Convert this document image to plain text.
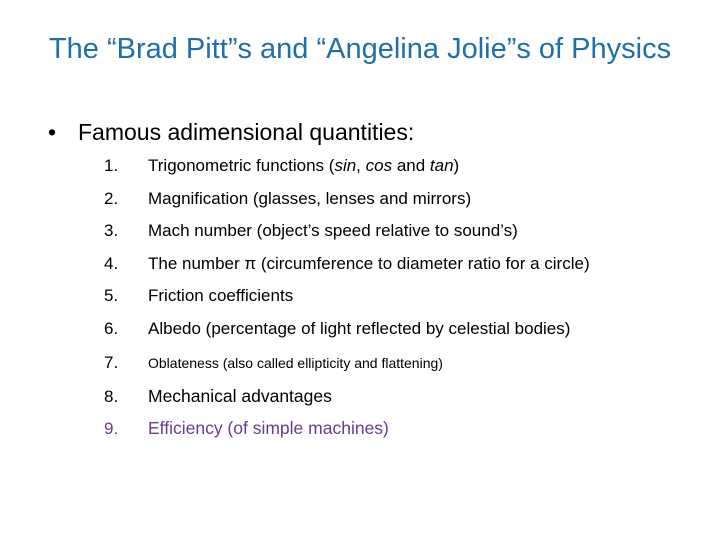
The “Brad Pitt”s and “Angelina Jolie”s of Physics
• Famous adimensional quantities:
1.	Trigonometric functions (sin, cos and tan)
2.	Magnification (glasses, lenses and mirrors)
3.	Mach number (object’s speed relative to sound’s)
4.	The number π (circumference to diameter ratio for a circle)
5.	Friction coefficients
6.	Albedo (percentage of light reflected by celestial bodies)
7.	Oblateness (also called ellipticity and flattening)
8.	Mechanical advantages
9.	Efficiency (of simple machines)
